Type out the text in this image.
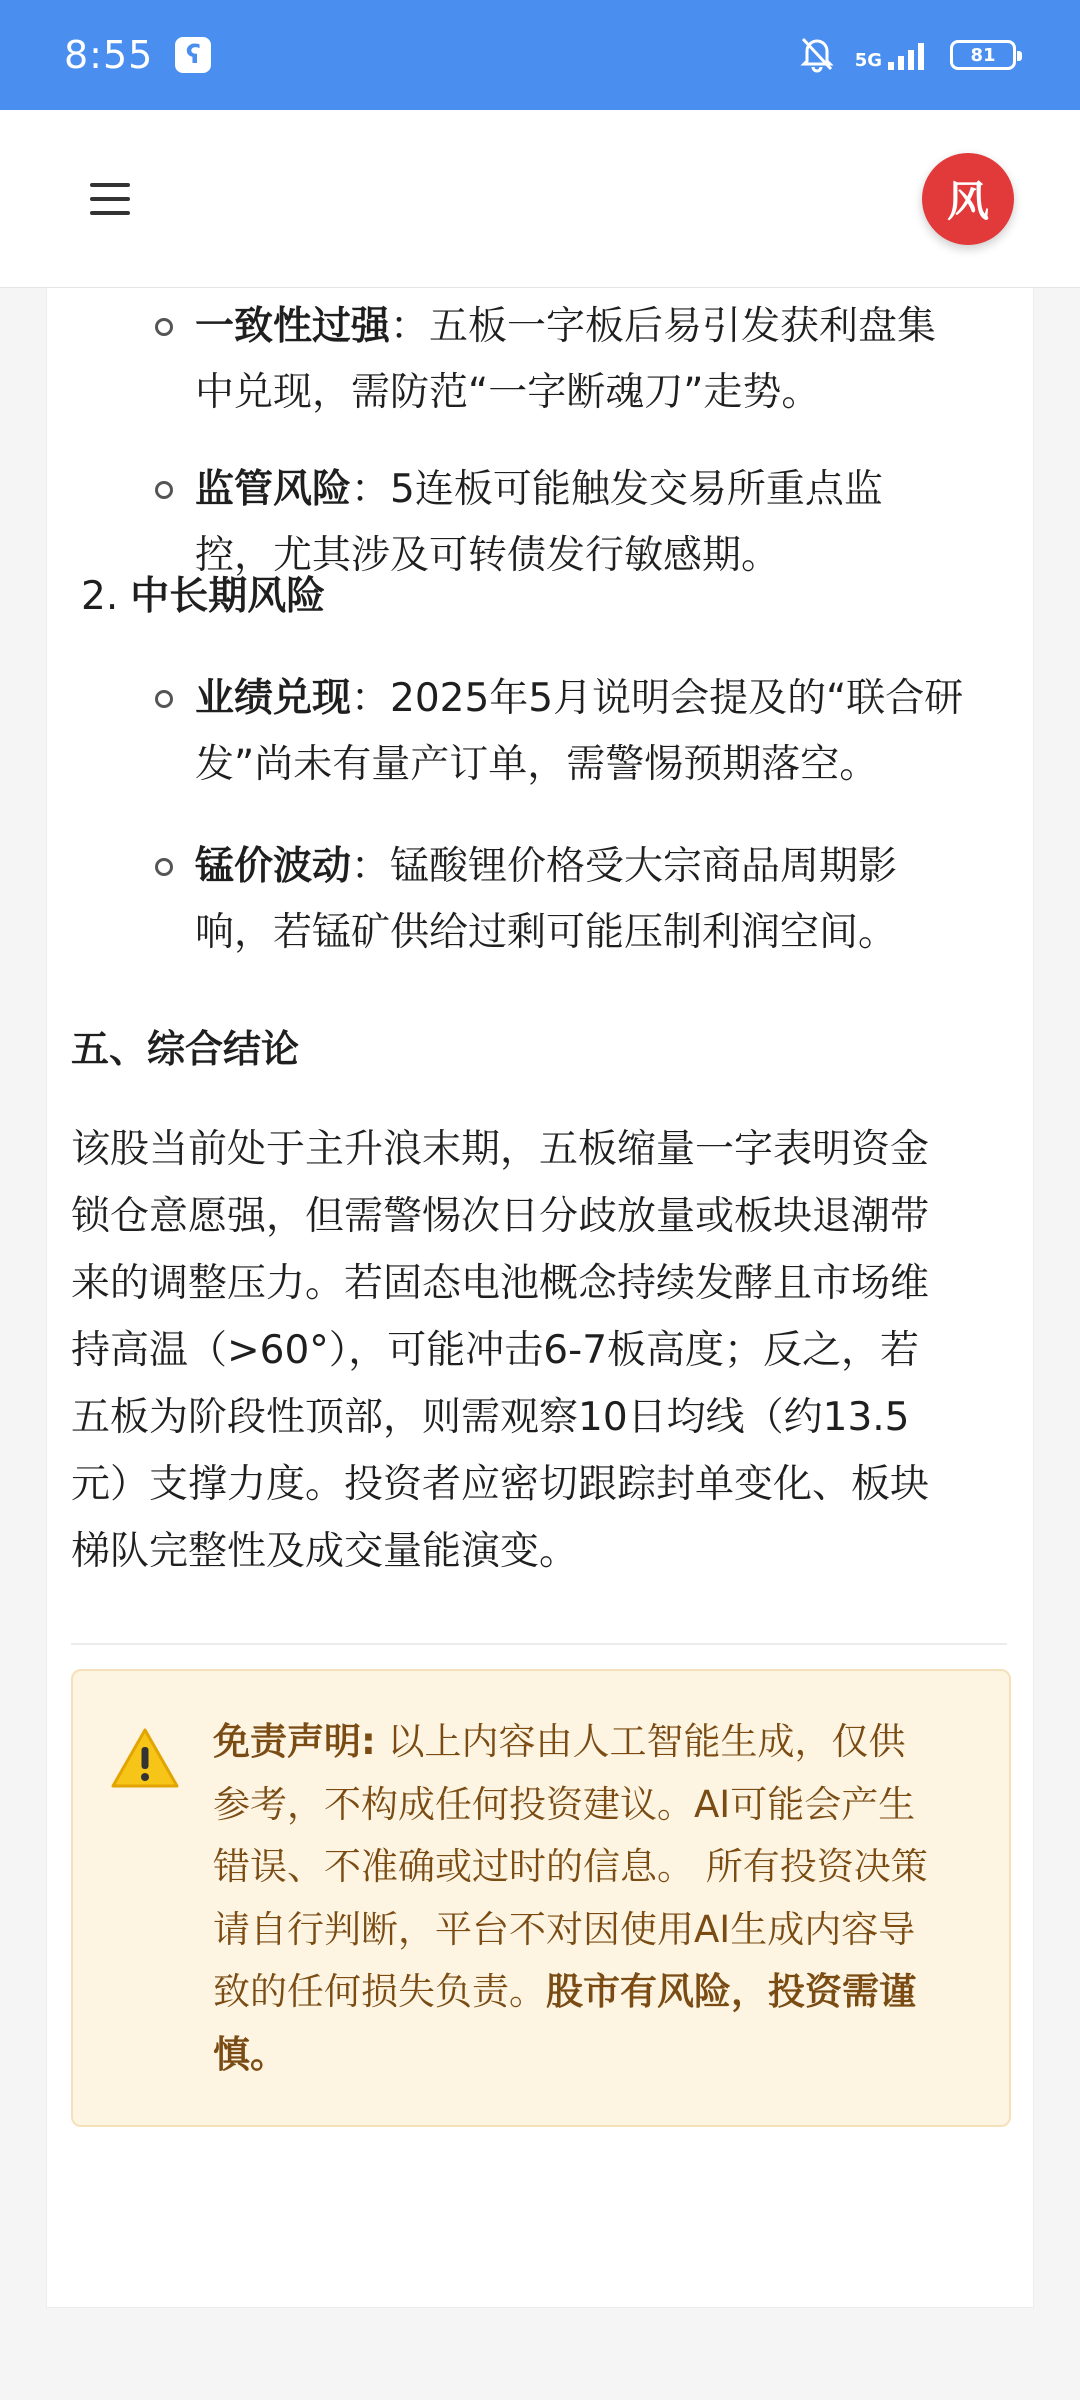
8:55	ʕ	5G	81
风
一致性过强：五板一字板后易引发获利盘集
中兑现，需防范“一字断魂刀”走势。
监管风险：5连板可能触发交易所重点监
控，尤其涉及可转债发行敏感期。
2. 中长期风险
业绩兑现：2025年5月说明会提及的“联合研
发”尚未有量产订单，需警惕预期落空。
锰价波动：锰酸锂价格受大宗商品周期影
响，若锰矿供给过剩可能压制利润空间。
五、综合结论
该股当前处于主升浪末期，五板缩量一字表明资金
锁仓意愿强，但需警惕次日分歧放量或板块退潮带
来的调整压力。若固态电池概念持续发酵且市场维
持高温（>60°），可能冲击6-7板高度；反之，若
五板为阶段性顶部，则需观察10日均线（约13.5
元）支撑力度。投资者应密切跟踪封单变化、板块
梯队完整性及成交量能演变。
免责声明: 以上内容由人工智能生成，仅供
参考，不构成任何投资建议。AI可能会产生
错误、不准确或过时的信息。 所有投资决策
请自行判断，平台不对因使用AI生成内容导
致的任何损失负责。股市有风险，投资需谨
慎。
